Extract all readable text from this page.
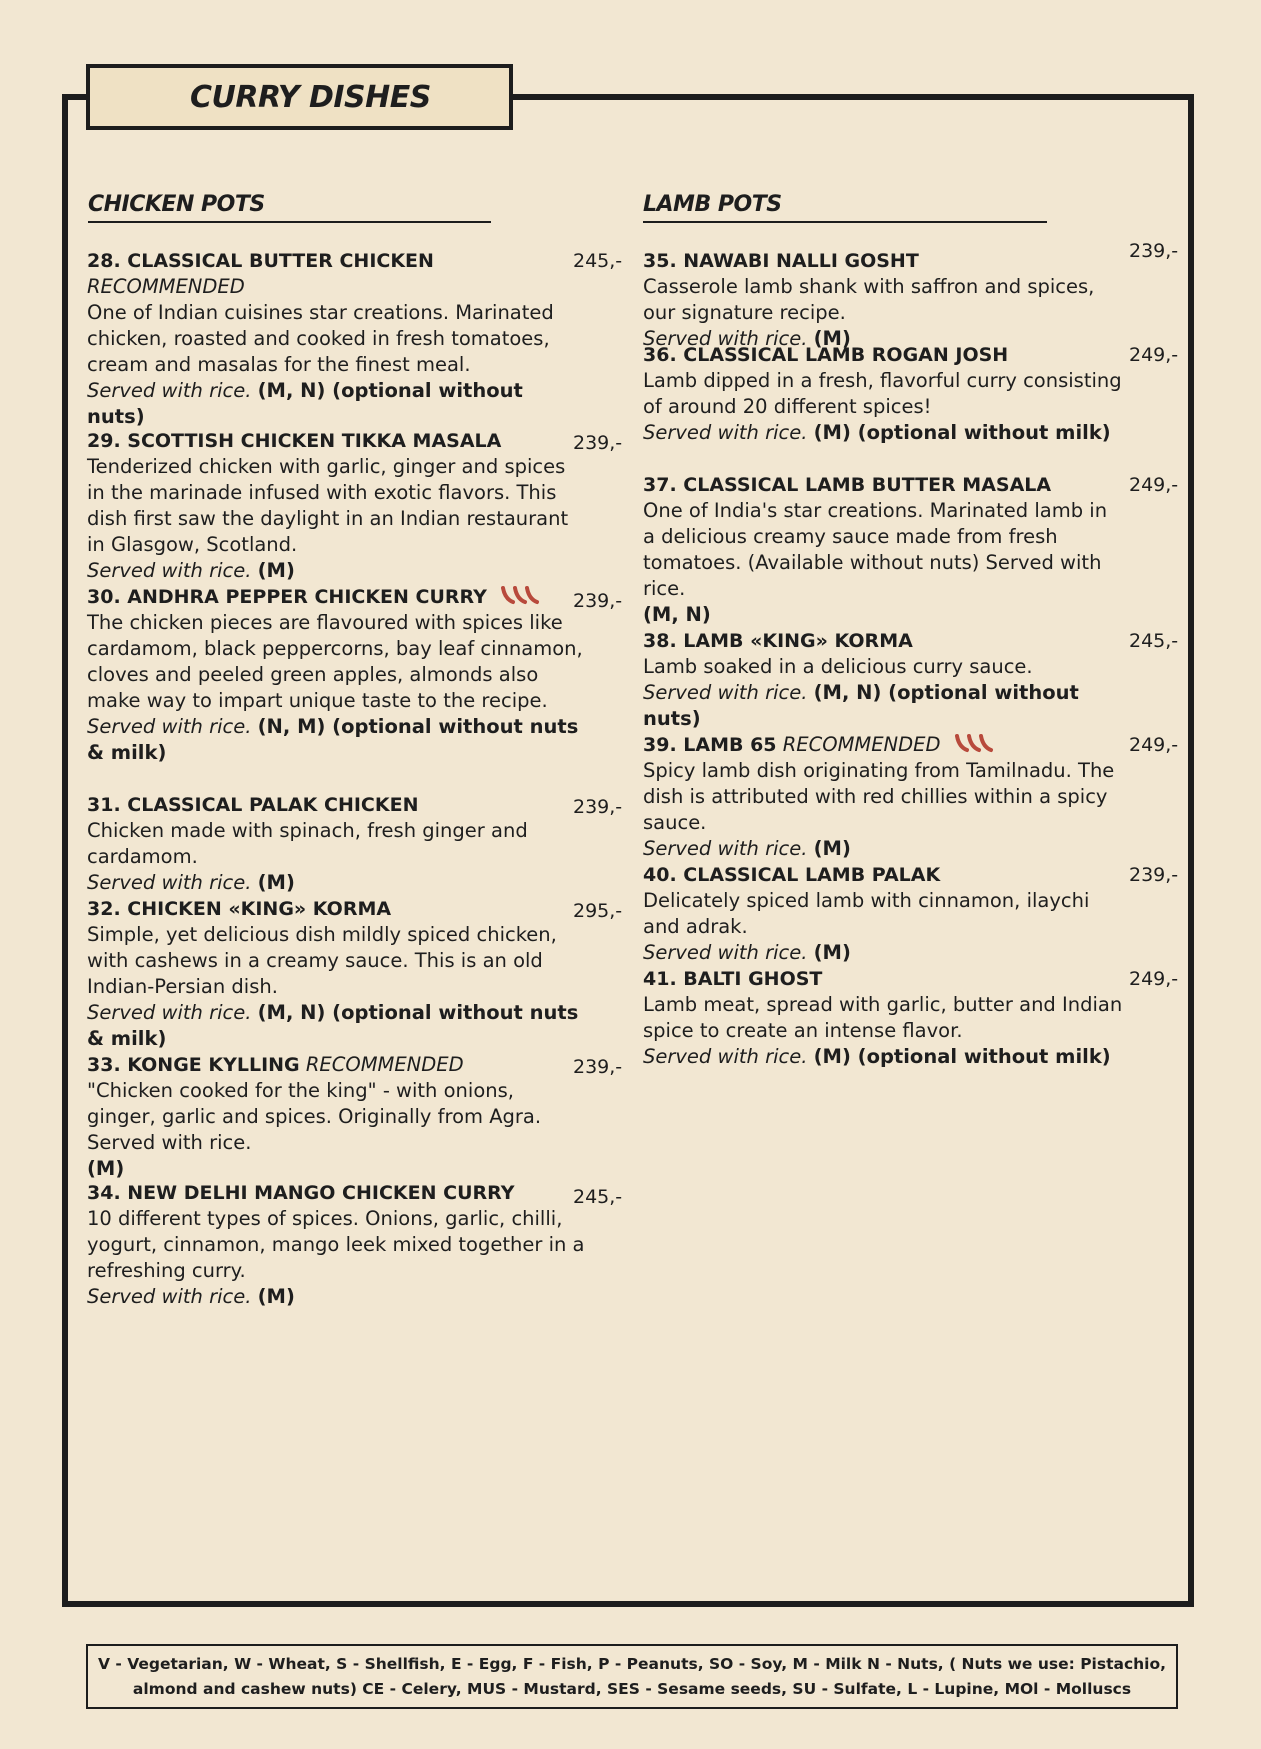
CURRY DISHES
CHICKEN POTS	LAMB POTS
28. CLASSICAL BUTTER CHICKEN
RECOMMENDED
One of Indian cuisines star creations. Marinated chicken, roasted and cooked in fresh tomatoes, cream and masalas for the finest meal.
Served with rice. (M, N) (optional without nuts)
245,-
29. SCOTTISH CHICKEN TIKKA MASALA
Tenderized chicken with garlic, ginger and spices in the marinade infused with exotic flavors. This dish first saw the daylight in an Indian restaurant in Glasgow, Scotland.
Served with rice. (M)
239,-
30. ANDHRA PEPPER CHICKEN CURRY
The chicken pieces are flavoured with spices like cardamom, black peppercorns, bay leaf cinnamon, cloves and peeled green apples, almonds also make way to impart unique taste to the recipe.
Served with rice. (N, M) (optional without nuts & milk)
239,-
31. CLASSICAL PALAK CHICKEN
Chicken made with spinach, fresh ginger and cardamom.
Served with rice. (M)
239,-
32. CHICKEN «KING» KORMA
Simple, yet delicious dish mildly spiced chicken, with cashews in a creamy sauce. This is an old Indian-Persian dish.
Served with rice. (M, N) (optional without nuts & milk)
295,-
33. KONGE KYLLING RECOMMENDED
"Chicken cooked for the king" - with onions, ginger, garlic and spices. Originally from Agra. Served with rice.
(M)
239,-
34. NEW DELHI MANGO CHICKEN CURRY
10 different types of spices. Onions, garlic, chilli, yogurt, cinnamon, mango leek mixed together in a refreshing curry.
Served with rice. (M)
245,-
35. NAWABI NALLI GOSHT
Casserole lamb shank with saffron and spices, our signature recipe.
Served with rice. (M)
239,-
36. CLASSICAL LAMB ROGAN JOSH
Lamb dipped in a fresh, flavorful curry consisting of around 20 different spices!
Served with rice. (M) (optional without milk)
249,-
37. CLASSICAL LAMB BUTTER MASALA
One of India's star creations. Marinated lamb in a delicious creamy sauce made from fresh tomatoes. (Available without nuts) Served with rice.
(M, N)
249,-
38. LAMB «KING» KORMA
Lamb soaked in a delicious curry sauce.
Served with rice. (M, N) (optional without nuts)
245,-
39. LAMB 65 RECOMMENDED
Spicy lamb dish originating from Tamilnadu. The dish is attributed with red chillies within a spicy sauce.
Served with rice. (M)
249,-
40. CLASSICAL LAMB PALAK
Delicately spiced lamb with cinnamon, ilaychi and adrak.
Served with rice. (M)
239,-
41. BALTI GHOST
Lamb meat, spread with garlic, butter and Indian spice to create an intense flavor.
Served with rice. (M) (optional without milk)
249,-
V - Vegetarian, W - Wheat, S - Shellfish, E - Egg, F - Fish, P - Peanuts, SO - Soy, M - Milk N - Nuts, ( Nuts we use: Pistachio, almond and cashew nuts) CE - Celery, MUS - Mustard, SES - Sesame seeds, SU - Sulfate, L - Lupine, MOl - Molluscs
